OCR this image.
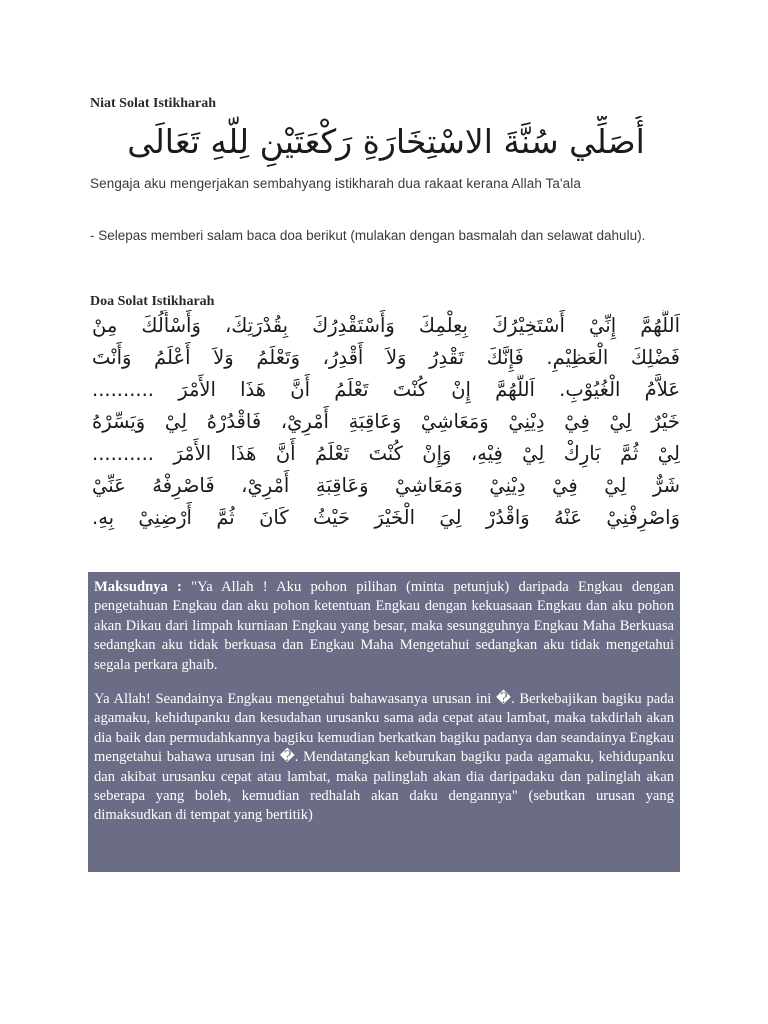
Niat Solat Istikharah
أُصَلِّي سُنَّةَ الاسْتِخَارَةِ رَكْعَتَيْنِ لِلَّهِ تَعَالَى
Sengaja aku mengerjakan sembahyang istikharah dua rakaat kerana Allah Ta'ala
- Selepas memberi salam baca doa berikut (mulakan dengan basmalah dan selawat dahulu).
Doa Solat Istikharah
اَللَّهُمَّ إِنِّيْ أَسْتَخِيْرُكَ بِعِلْمِكَ وَأَسْتَقْدِرُكَ بِقُدْرَتِكَ، وَأَسْأَلُكَ مِنْ
فَضْلِكَ الْعَظِيْمِ. فَإِنَّكَ تَقْدِرُ وَلاَ أَقْدِرُ، وَتَعْلَمُ وَلاَ أَعْلَمُ وَأَنْتَ
عَلاَّمُ الْغُيُوْبِ. اَللَّهُمَّ إِنْ كُنْتَ تَعْلَمُ أَنَّ هَذَا الأَمْرَ ..........
خَيْرٌ لِيْ فِيْ دِيْنِيْ وَمَعَاشِيْ وَعَاقِبَةِ أَمْرِيْ، فَاقْدُرْهُ لِيْ وَيَسِّرْهُ
لِيْ ثُمَّ بَارِكْ لِيْ فِيْهِ، وَإِنْ كُنْتَ تَعْلَمُ أَنَّ هَذَا الأَمْرَ ..........
شَرٌّ لِيْ فِيْ دِيْنِيْ وَمَعَاشِيْ وَعَاقِبَةِ أَمْرِيْ، فَاصْرِفْهُ عَنِّيْ
وَاصْرِفْنِيْ عَنْهُ وَاقْدُرْ لِيَ الْخَيْرَ حَيْثُ كَانَ ثُمَّ أَرْضِنِيْ بِهِ.

Maksudnya : "Ya Allah ! Aku pohon pilihan (minta petunjuk) daripada Engkau dengan pengetahuan Engkau dan aku pohon ketentuan Engkau dengan kekuasaan Engkau dan aku pohon akan Dikau dari limpah kurniaan Engkau yang besar, maka sesungguhnya Engkau Maha Berkuasa sedangkan aku tidak berkuasa dan Engkau Maha Mengetahui sedangkan aku tidak mengetahui segala perkara ghaib.

Ya Allah! Seandainya Engkau mengetahui bahawasanya urusan ini �. Berkebajikan bagiku pada agamaku, kehidupanku dan kesudahan urusanku sama ada cepat atau lambat, maka takdirlah akan dia baik dan permudahkannya bagiku kemudian berkatkan bagiku padanya dan seandainya Engkau mengetahui bahawa urusan ini �. Mendatangkan keburukan bagiku pada agamaku, kehidupanku dan akibat urusanku cepat atau lambat, maka palinglah akan dia daripadaku dan palinglah akan seberapa yang boleh, kemudian redhalah akan daku dengannya" (sebutkan urusan yang dimaksudkan di tempat yang bertitik)
